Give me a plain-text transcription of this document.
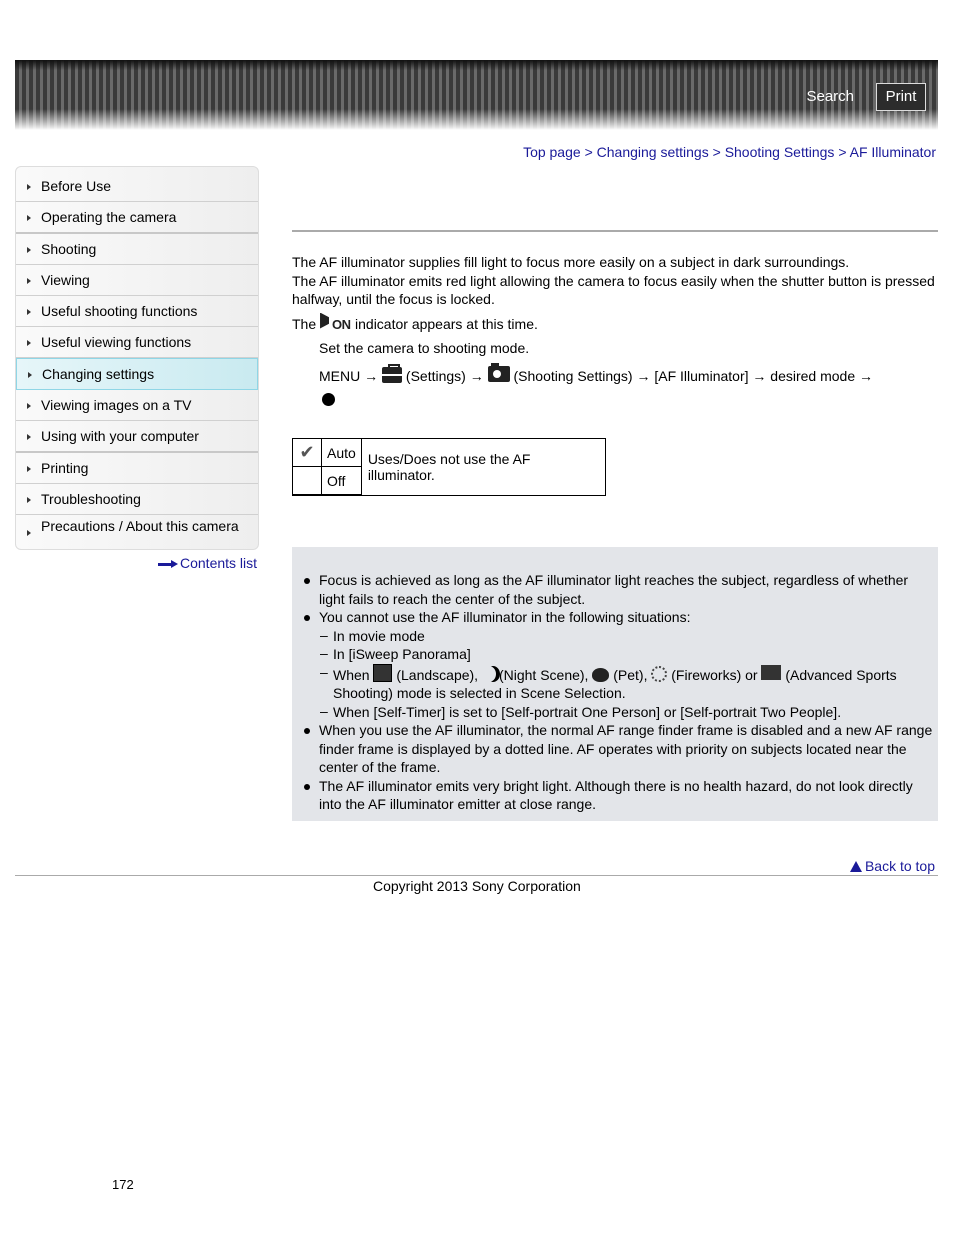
Search	Print
Top page > Changing settings > Shooting Settings > AF Illuminator
Before Use
Operating the camera
Shooting
Viewing
Useful shooting functions
Useful viewing functions
Changing settings
Viewing images on a TV
Using with your computer
Printing
Troubleshooting
Precautions / About this camera
Contents list

The AF illuminator supplies fill light to focus more easily on a subject in dark surroundings.

The AF illuminator emits red light allowing the camera to focus easily when the shutter button is pressed halfway, until the focus is locked.

The ON indicator appears at this time.

Set the camera to shooting mode.

MENU → (Settings) → (Shooting Settings) → [AF Illuminator] → desired mode →

✔	Auto	Uses/Does not use the AF illuminator.
	Off	
Focus is achieved as long as the AF illuminator light reaches the subject, regardless of whether light fails to reach the center of the subject.
You cannot use the AF illuminator in the following situations:
– In movie mode
– In [iSweep Panorama]
– When (Landscape), (Night Scene), (Pet), (Fireworks) or (Advanced Sports Shooting) mode is selected in Scene Selection.
– When [Self-Timer] is set to [Self-portrait One Person] or [Self-portrait Two People].
When you use the AF illuminator, the normal AF range finder frame is disabled and a new AF range finder frame is displayed by a dotted line. AF operates with priority on subjects located near the center of the frame.
The AF illuminator emits very bright light. Although there is no health hazard, do not look directly into the AF illuminator emitter at close range.
Back to top
Copyright 2013 Sony Corporation
172
